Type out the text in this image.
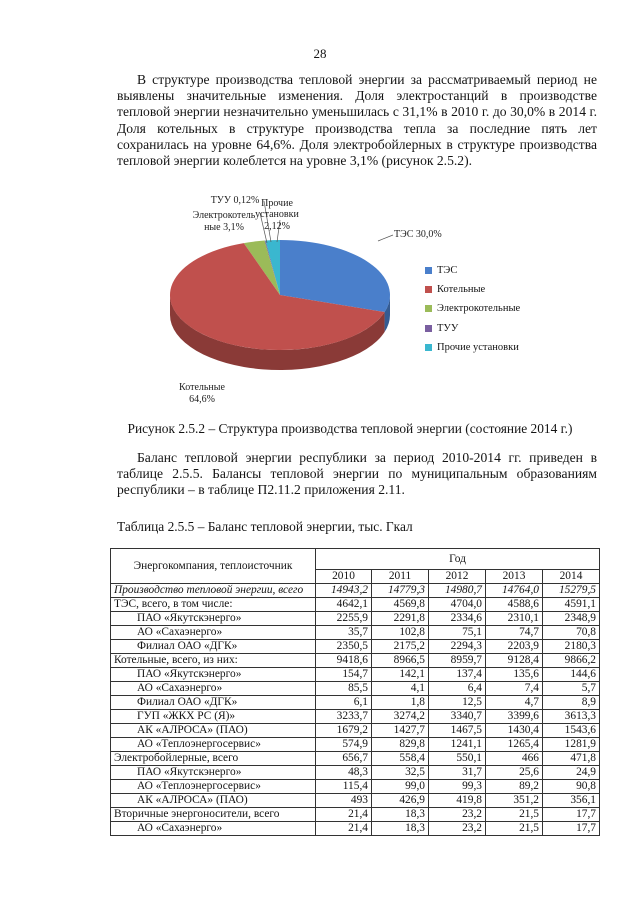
28

В структуре производства тепловой энергии за рассматриваемый период не выявлены значительные изменения. Доля электростанций в производстве тепловой энергии незначительно уменьшилась с 31,1% в 2010 г. до 30,0% в 2014 г. Доля котельных в структуре производства тепла за последние пять лет сохранилась на уровне 64,6%. Доля электробойлерных в структуре производства тепловой энергии колеблется на уровне 3,1% (рисунок 2.5.2).

ТЭС 30,0%
Котельные
64,6%
Электрокотель
ные 3,1%
ТУУ 0,12% Прочие
установки
2,12%
ТЭС
Котельные
Электрокотельные
ТУУ
Прочие установки
Рисунок 2.5.2 – Структура производства тепловой энергии (состояние 2014 г.)

Баланс тепловой энергии республики за период 2010-2014 гг. приведен в таблице 2.5.5. Балансы тепловой энергии по муниципальным образованиям республики – в таблице П2.11.2 приложения 2.11.

Таблица 2.5.5 – Баланс тепловой энергии, тыс. Гкал
Энергокомпания, теплоисточник	Год				
	2010	2011	2012	2013	2014
Производство тепловой энергии, всего	14943,2	14779,3	14980,7	14764,0	15279,5
ТЭС, всего, в том числе:	4642,1	4569,8	4704,0	4588,6	4591,1
ПАО «Якутскэнерго»	2255,9	2291,8	2334,6	2310,1	2348,9
АО «Сахаэнерго»	35,7	102,8	75,1	74,7	70,8
Филиал ОАО «ДГК»	2350,5	2175,2	2294,3	2203,9	2180,3
Котельные, всего, из них:	9418,6	8966,5	8959,7	9128,4	9866,2
ПАО «Якутскэнерго»	154,7	142,1	137,4	135,6	144,6
АО «Сахаэнерго»	85,5	4,1	6,4	7,4	5,7
Филиал ОАО «ДГК»	6,1	1,8	12,5	4,7	8,9
ГУП «ЖКХ РС (Я)»	3233,7	3274,2	3340,7	3399,6	3613,3
АК «АЛРОСА» (ПАО)	1679,2	1427,7	1467,5	1430,4	1543,6
АО «Теплоэнергосервис»	574,9	829,8	1241,1	1265,4	1281,9
Электробойлерные, всего	656,7	558,4	550,1	466	471,8
ПАО «Якутскэнерго»	48,3	32,5	31,7	25,6	24,9
АО «Теплоэнергосервис»	115,4	99,0	99,3	89,2	90,8
АК «АЛРОСА» (ПАО)	493	426,9	419,8	351,2	356,1
Вторичные энергоносители, всего	21,4	18,3	23,2	21,5	17,7
АО «Сахаэнерго»	21,4	18,3	23,2	21,5	17,7
